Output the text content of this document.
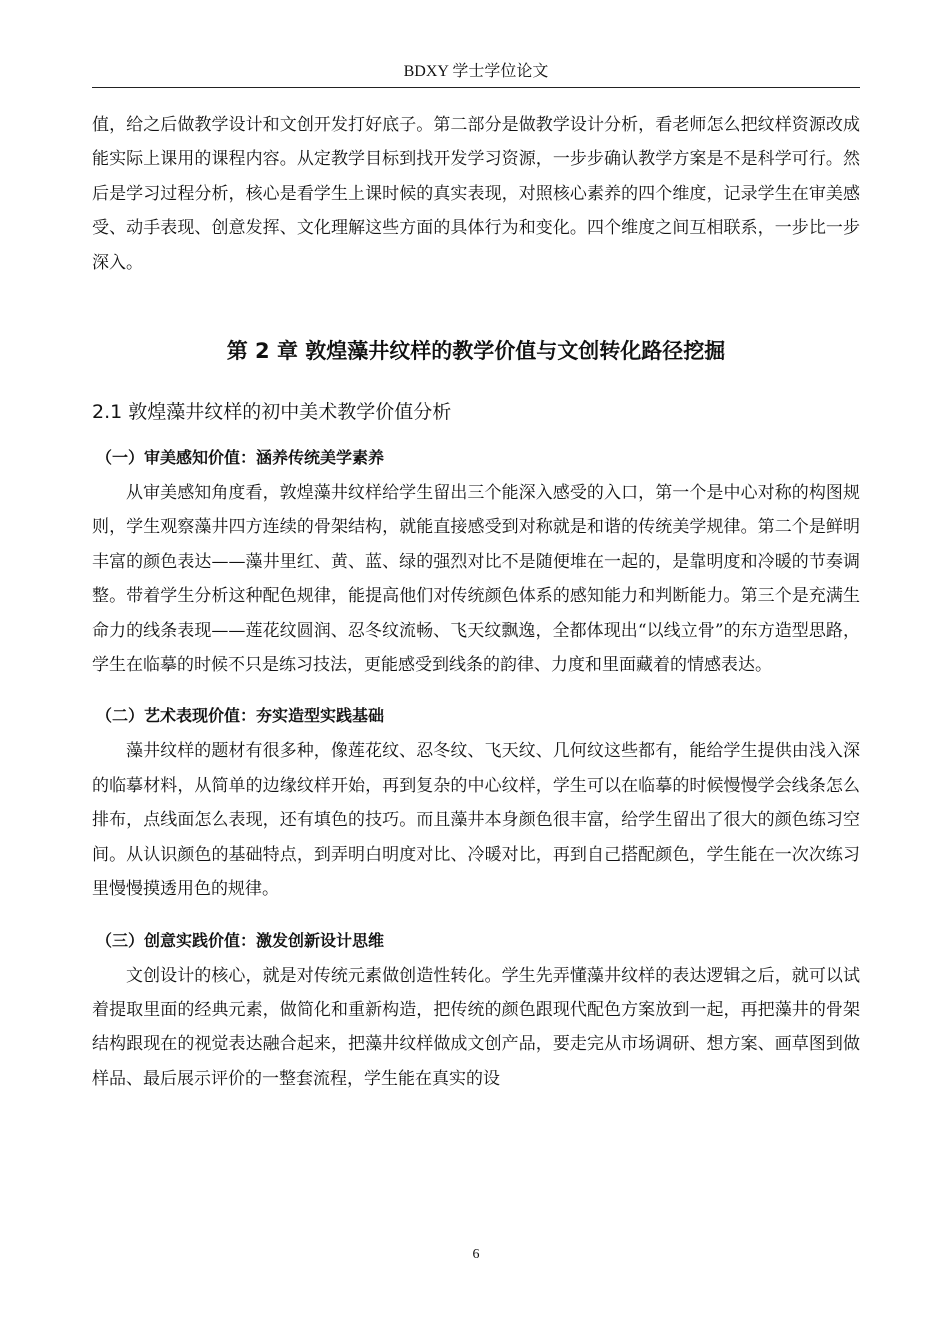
BDXY 学士学位论文

值，给之后做教学设计和文创开发打好底子。第二部分是做教学设计分析，看老师怎么把纹样资源改成能实际上课用的课程内容。从定教学目标到找开发学习资源，一步步确认教学方案是不是科学可行。然后是学习过程分析，核心是看学生上课时候的真实表现，对照核心素养的四个维度，记录学生在审美感受、动手表现、创意发挥、文化理解这些方面的具体行为和变化。四个维度之间互相联系，一步比一步深入。

第 2 章 敦煌藻井纹样的教学价值与文创转化路径挖掘
2.1 敦煌藻井纹样的初中美术教学价值分析
（一）审美感知价值：涵养传统美学素养

从审美感知角度看，敦煌藻井纹样给学生留出三个能深入感受的入口，第一个是中心对称的构图规则，学生观察藻井四方连续的骨架结构，就能直接感受到对称就是和谐的传统美学规律。第二个是鲜明丰富的颜色表达——藻井里红、黄、蓝、绿的强烈对比不是随便堆在一起的，是靠明度和冷暖的节奏调整。带着学生分析这种配色规律，能提高他们对传统颜色体系的感知能力和判断能力。第三个是充满生命力的线条表现——莲花纹圆润、忍冬纹流畅、飞天纹飘逸，全都体现出“以线立骨”的东方造型思路，学生在临摹的时候不只是练习技法，更能感受到线条的韵律、力度和里面藏着的情感表达。

（二）艺术表现价值：夯实造型实践基础

藻井纹样的题材有很多种，像莲花纹、忍冬纹、飞天纹、几何纹这些都有，能给学生提供由浅入深的临摹材料，从简单的边缘纹样开始，再到复杂的中心纹样，学生可以在临摹的时候慢慢学会线条怎么排布，点线面怎么表现，还有填色的技巧。而且藻井本身颜色很丰富，给学生留出了很大的颜色练习空间。从认识颜色的基础特点，到弄明白明度对比、冷暖对比，再到自己搭配颜色，学生能在一次次练习里慢慢摸透用色的规律。

（三）创意实践价值：激发创新设计思维

文创设计的核心，就是对传统元素做创造性转化。学生先弄懂藻井纹样的表达逻辑之后，就可以试着提取里面的经典元素，做简化和重新构造，把传统的颜色跟现代配色方案放到一起，再把藻井的骨架结构跟现在的视觉表达融合起来，把藻井纹样做成文创产品，要走完从市场调研、想方案、画草图到做样品、最后展示评价的一整套流程，学生能在真实的设

6
